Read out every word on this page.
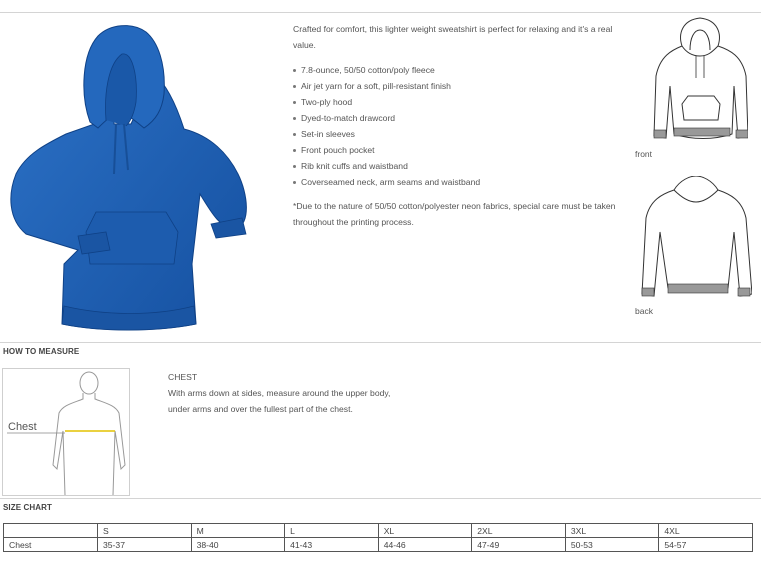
Crafted for comfort, this lighter weight sweatshirt is perfect for relaxing and it's a real value.

7.8-ounce, 50/50 cotton/poly fleece
Air jet yarn for a soft, pill-resistant finish
Two-ply hood
Dyed-to-match drawcord
Set-in sleeves
Front pouch pocket
Rib knit cuffs and waistband
Coverseamed neck, arm seams and waistband

*Due to the nature of 50/50 cotton/polyester neon fabrics, special care must be taken throughout the printing process.

front
back
HOW TO MEASURE
Chest
CHEST
With arms down at sides, measure around the upper body,
under arms and over the fullest part of the chest.
SIZE CHART
	S	M	L	XL	2XL	3XL	4XL
Chest	35-37	38-40	41-43	44-46	47-49	50-53	54-57
